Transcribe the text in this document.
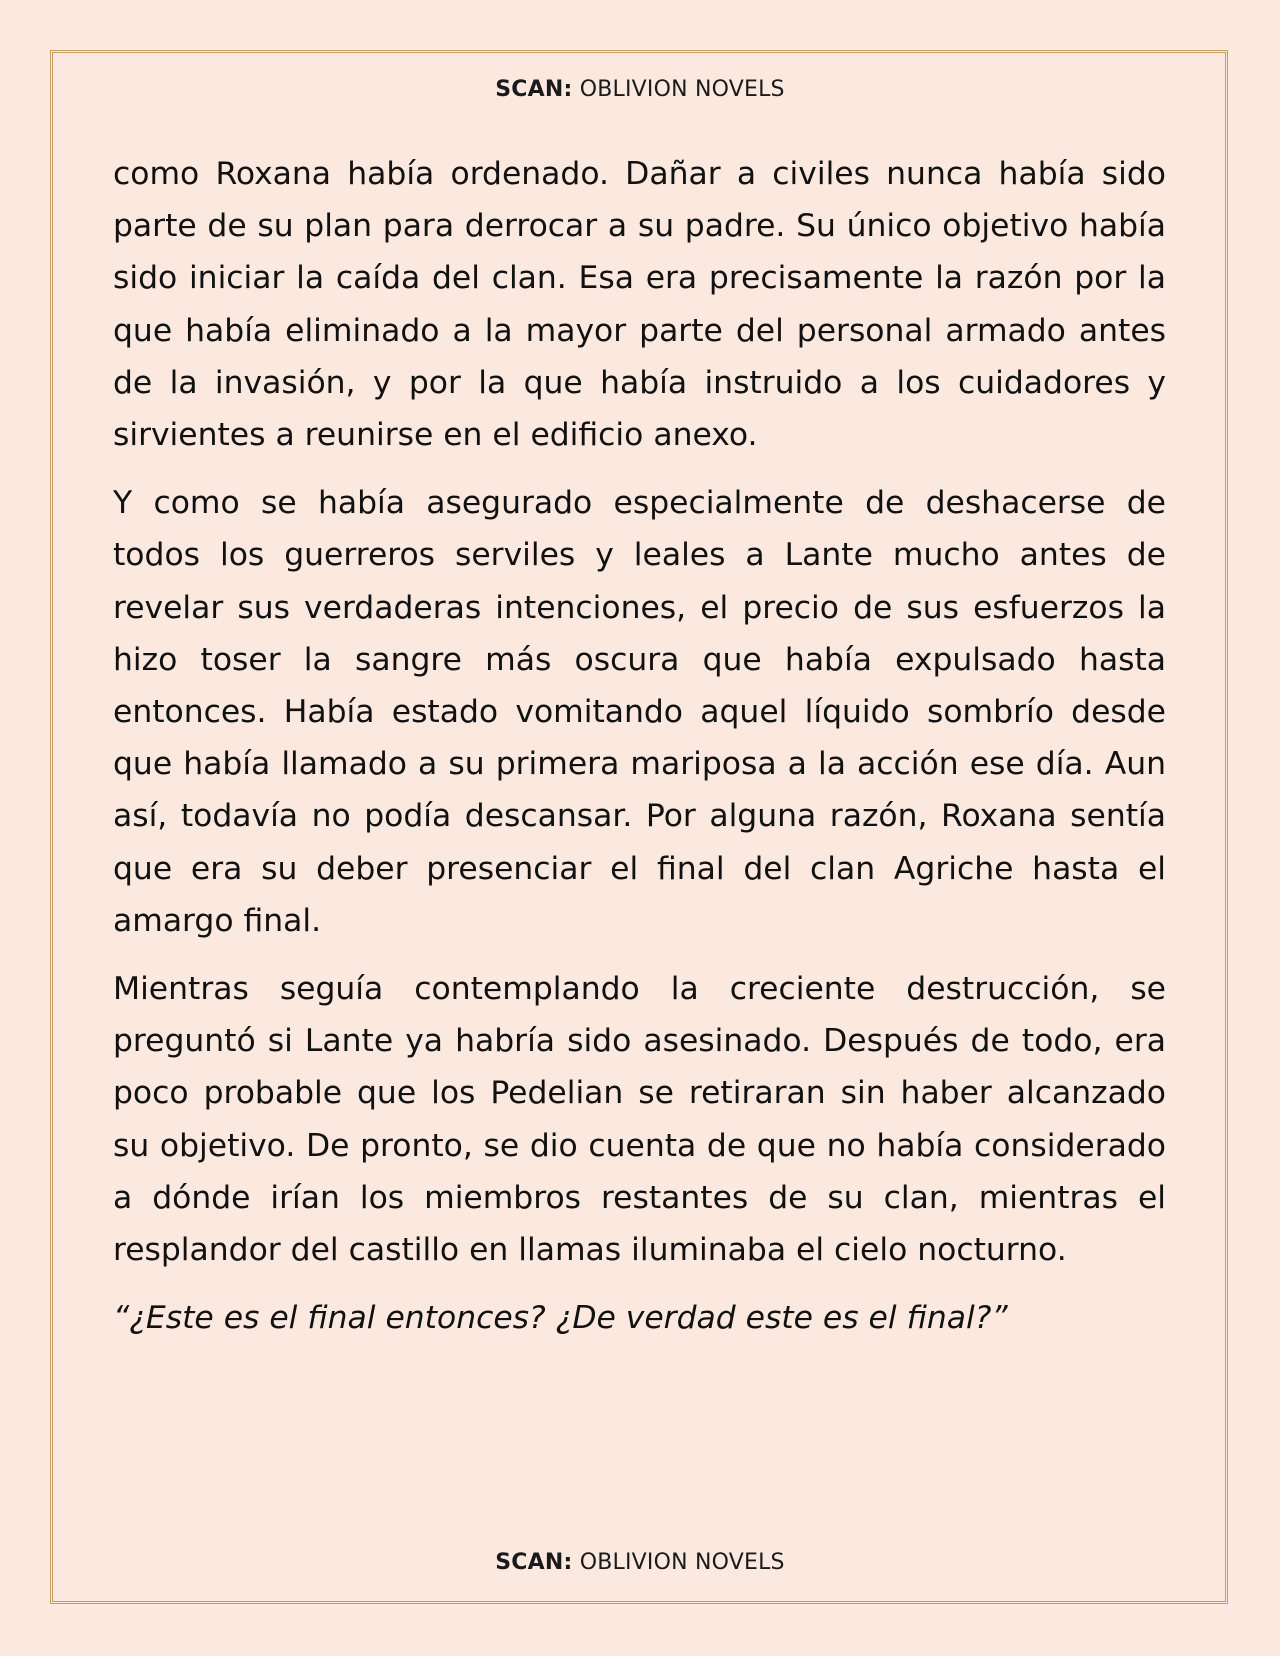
SCAN: OBLIVION NOVELS

como Roxana había ordenado. Dañar a civiles nunca había sido parte de su plan para derrocar a su padre. Su único objetivo había sido iniciar la caída del clan. Esa era precisamente la razón por la que había eliminado a la mayor parte del personal armado antes de la invasión, y por la que había instruido a los cuidadores y sirvientes a reunirse en el edificio anexo.

Y como se había asegurado especialmente de deshacerse de todos los guerreros serviles y leales a Lante mucho antes de revelar sus verdaderas intenciones, el precio de sus esfuerzos la hizo toser la sangre más oscura que había expulsado hasta entonces. Había estado vomitando aquel líquido sombrío desde que había llamado a su primera mariposa a la acción ese día. Aun así, todavía no podía descansar. Por alguna razón, Roxana sentía que era su deber presenciar el final del clan Agriche hasta el amargo final.

Mientras seguía contemplando la creciente destrucción, se preguntó si Lante ya habría sido asesinado. Después de todo, era poco probable que los Pedelian se retiraran sin haber alcanzado su objetivo. De pronto, se dio cuenta de que no había considerado a dónde irían los miembros restantes de su clan, mientras el resplandor del castillo en llamas iluminaba el cielo nocturno.

“¿Este es el final entonces? ¿De verdad este es el final?”

SCAN: OBLIVION NOVELS
